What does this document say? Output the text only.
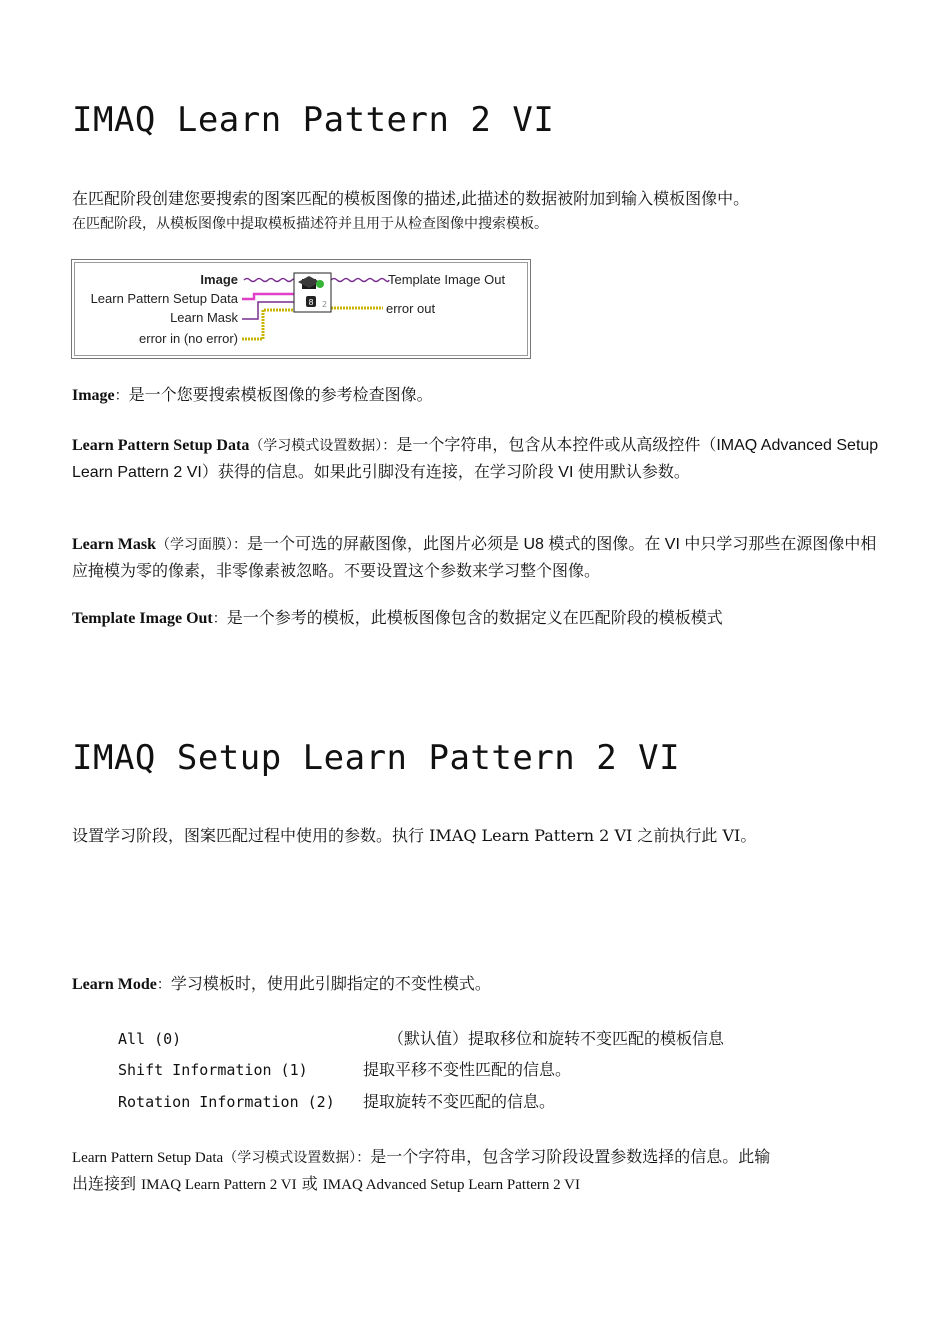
IMAQ Learn Pattern 2 VI
在匹配阶段创建您要搜索的图案匹配的模板图像的描述,此描述的数据被附加到输入模板图像中。
在匹配阶段，从模板图像中提取模板描述符并且用于从检查图像中搜索模板。
Image
Learn Pattern Setup Data
Learn Mask
error in (no error)
Template Image Out
error out
8 2
Image：是一个您要搜索模板图像的参考检查图像。
Learn Pattern Setup Data（学习模式设置数据）：是一个字符串，包含从本控件或从高级控件（IMAQ Advanced Setup Learn Pattern 2 VI）获得的信息。如果此引脚没有连接，在学习阶段 VI 使用默认参数。
Learn Mask（学习面膜）：是一个可选的屏蔽图像，此图片必须是 U8 模式的图像。在 VI 中只学习那些在源图像中相应掩模为零的像素，非零像素被忽略。不要设置这个参数来学习整个图像。
Template Image Out：是一个参考的模板，此模板图像包含的数据定义在匹配阶段的模板模式
IMAQ Setup Learn Pattern 2 VI
设置学习阶段，图案匹配过程中使用的参数。执行 IMAQ Learn Pattern 2 VI 之前执行此 VI。
Learn Mode：学习模板时，使用此引脚指定的不变性模式。
All (0)	（默认值）提取移位和旋转不变匹配的模板信息
Shift Information (1)	提取平移不变性匹配的信息。
Rotation Information (2) 提取旋转不变匹配的信息。
Learn Pattern Setup Data（学习模式设置数据）：是一个字符串，包含学习阶段设置参数选择的信息。此输
出连接到 IMAQ Learn Pattern 2 VI 或 IMAQ Advanced Setup Learn Pattern 2 VI
